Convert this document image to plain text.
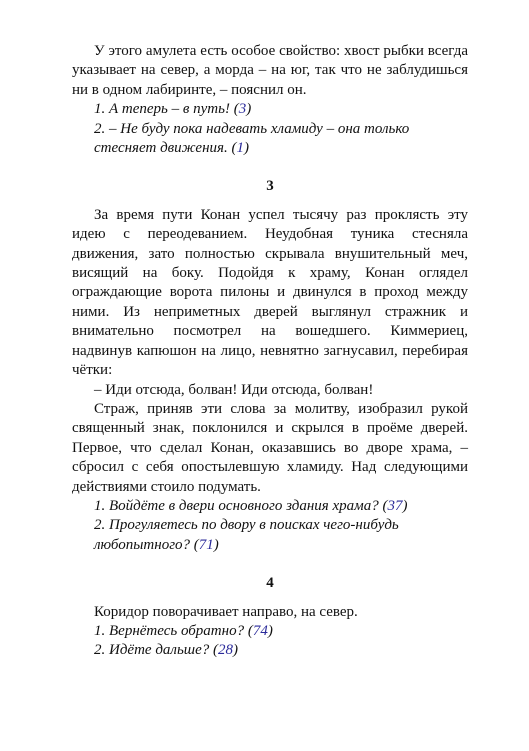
У этого амулета есть особое свойство: хвост рыбки всегда указывает на север, а морда – на юг, так что не заблудишься ни в одном лабиринте, – пояснил он.

1. А теперь – в путь! (3)
2. – Не буду пока надевать хламиду – она только стесняет движения. (1)
3

За время пути Конан успел тысячу раз проклясть эту идею с переодеванием. Неудобная туника стесняла движения, зато полностью скрывала внушительный меч, висящий на боку. Подойдя к храму, Конан оглядел ограждающие ворота пилоны и двинулся в проход между ними. Из неприметных дверей выглянул стражник и внимательно посмотрел на вошедшего. Киммериец, надвинув капюшон на лицо, невнятно загнусавил, перебирая чётки:

– Иди отсюда, болван! Иди отсюда, болван!

Страж, приняв эти слова за молитву, изобразил рукой священный знак, поклонился и скрылся в проёме дверей. Первое, что сделал Конан, оказавшись во дворе храма, – сбросил с себя опостылевшую хламиду. Над следующими действиями стоило подумать.

1. Войдёте в двери основного здания храма? (37)
2. Прогуляетесь по двору в поисках чего-нибудь любопытного? (71)
4

Коридор поворачивает направо, на север.

1. Вернётесь обратно? (74)
2. Идёте дальше? (28)
